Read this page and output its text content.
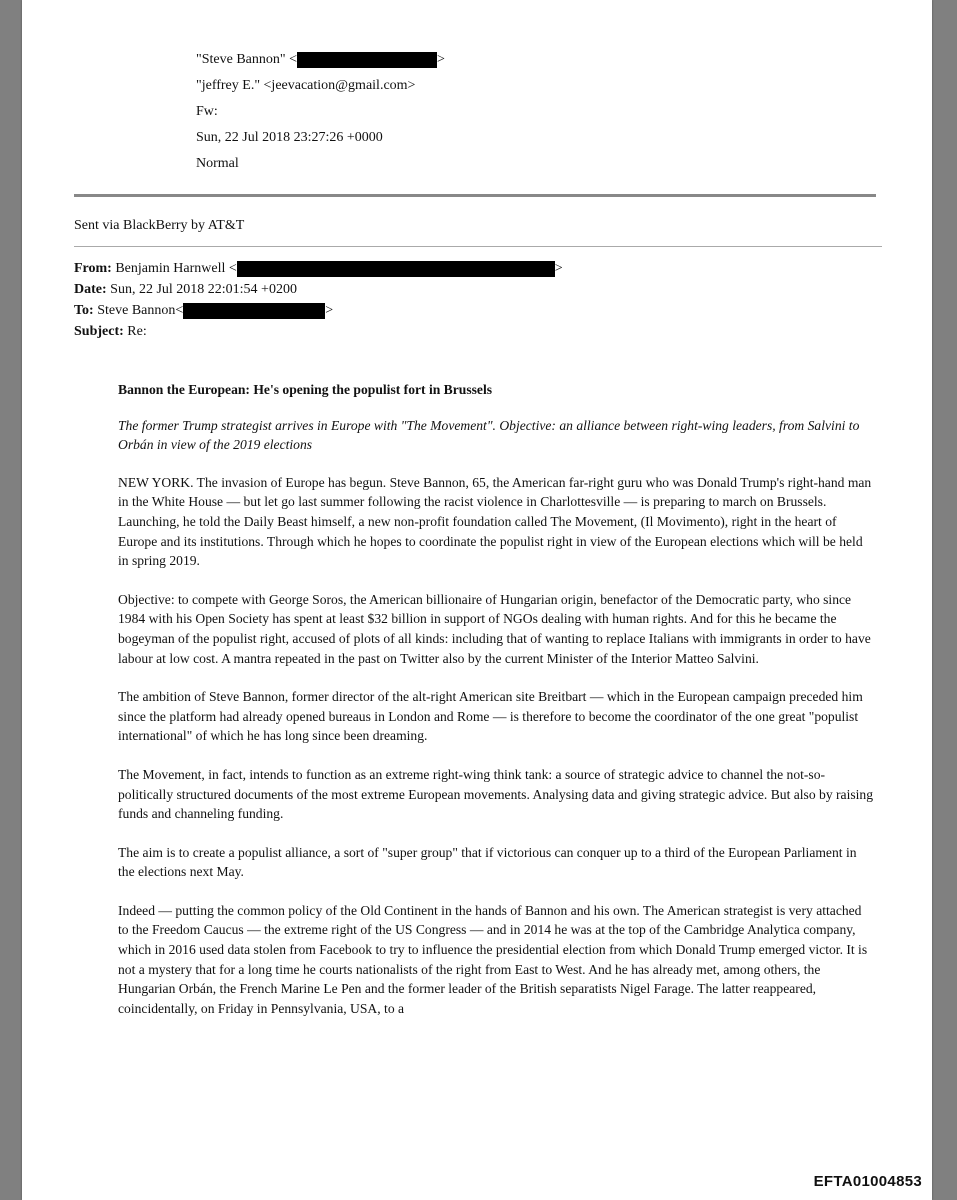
"Steve Bannon" <	>
"jeffrey E." <jeevacation@gmail.com>
Fw:
Sun, 22 Jul 2018 23:27:26 +0000
Normal
Sent via BlackBerry by AT&T
From: Benjamin Harnwell <	>
Date: Sun, 22 Jul 2018 22:01:54 +0200
To: Steve Bannon<	>
Subject: Re:
Bannon the European: He's opening the populist fort in Brussels
The former Trump strategist arrives in Europe with "The Movement". Objective: an alliance between right-wing leaders, from Salvini to Orbán in view of the 2019 elections

NEW YORK. The invasion of Europe has begun. Steve Bannon, 65, the American far-right guru who was Donald Trump's right-hand man in the White House — but let go last summer following the racist violence in Charlottesville — is preparing to march on Brussels. Launching, he told the Daily Beast himself, a new non-profit foundation called The Movement, (Il Movimento), right in the heart of Europe and its institutions. Through which he hopes to coordinate the populist right in view of the European elections which will be held in spring 2019.

Objective: to compete with George Soros, the American billionaire of Hungarian origin, benefactor of the Democratic party, who since 1984 with his Open Society has spent at least $32 billion in support of NGOs dealing with human rights. And for this he became the bogeyman of the populist right, accused of plots of all kinds: including that of wanting to replace Italians with immigrants in order to have labour at low cost. A mantra repeated in the past on Twitter also by the current Minister of the Interior Matteo Salvini.

The ambition of Steve Bannon, former director of the alt-right American site Breitbart — which in the European campaign preceded him since the platform had already opened bureaus in London and Rome — is therefore to become the coordinator of the one great "populist international" of which he has long since been dreaming.

The Movement, in fact, intends to function as an extreme right-wing think tank: a source of strategic advice to channel the not-so-politically structured documents of the most extreme European movements. Analysing data and giving strategic advice. But also by raising funds and channeling funding.

The aim is to create a populist alliance, a sort of "super group" that if victorious can conquer up to a third of the European Parliament in the elections next May.

Indeed — putting the common policy of the Old Continent in the hands of Bannon and his own. The American strategist is very attached to the Freedom Caucus — the extreme right of the US Congress — and in 2014 he was at the top of the Cambridge Analytica company, which in 2016 used data stolen from Facebook to try to influence the presidential election from which Donald Trump emerged victor. It is not a mystery that for a long time he courts nationalists of the right from East to West. And he has already met, among others, the Hungarian Orbán, the French Marine Le Pen and the former leader of the British separatists Nigel Farage. The latter reappeared, coincidentally, on Friday in Pennsylvania, USA, to a

EFTA01004853
